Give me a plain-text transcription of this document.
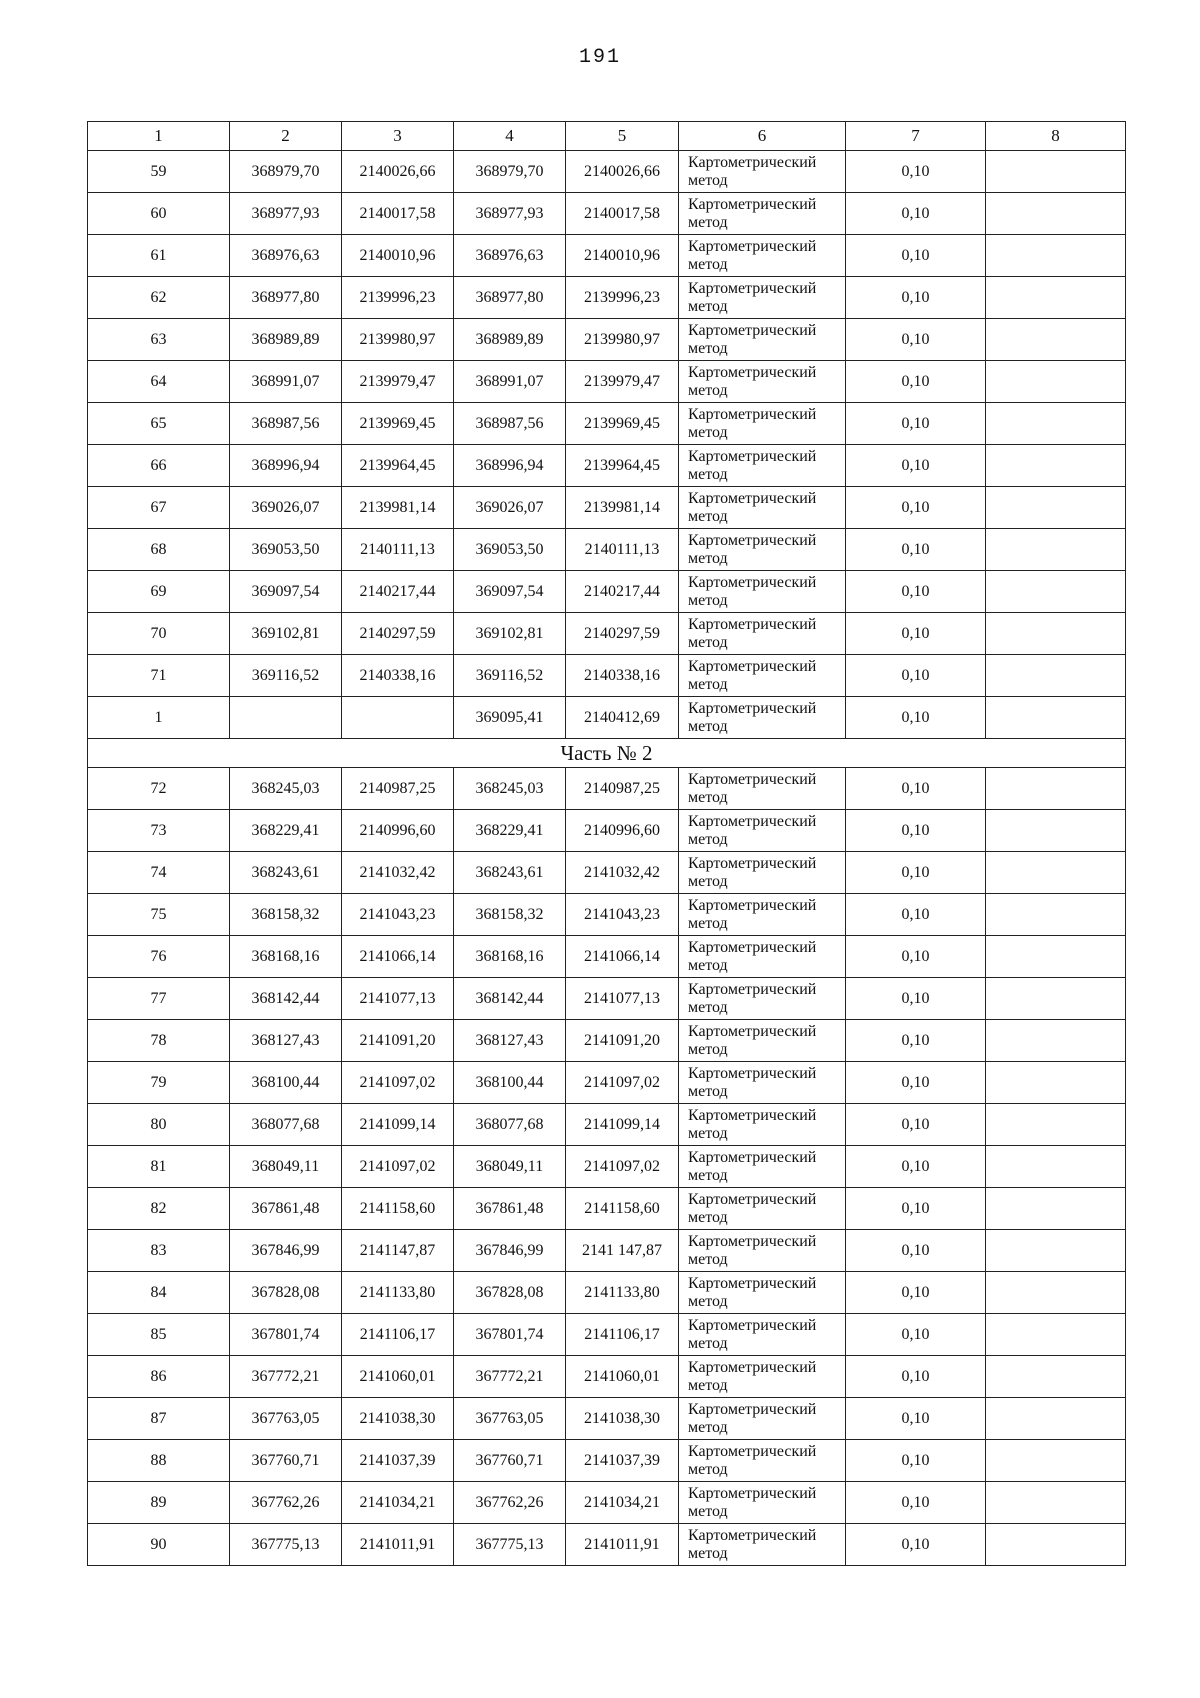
191
1	2	3	4	5	6	7	8
59	368979,70	2140026,66	368979,70	2140026,66	Картометрический
метод	0,10	
60	368977,93	2140017,58	368977,93	2140017,58	Картометрический
метод	0,10	
61	368976,63	2140010,96	368976,63	2140010,96	Картометрический
метод	0,10	
62	368977,80	2139996,23	368977,80	2139996,23	Картометрический
метод	0,10	
63	368989,89	2139980,97	368989,89	2139980,97	Картометрический
метод	0,10	
64	368991,07	2139979,47	368991,07	2139979,47	Картометрический
метод	0,10	
65	368987,56	2139969,45	368987,56	2139969,45	Картометрический
метод	0,10	
66	368996,94	2139964,45	368996,94	2139964,45	Картометрический
метод	0,10	
67	369026,07	2139981,14	369026,07	2139981,14	Картометрический
метод	0,10	
68	369053,50	2140111,13	369053,50	2140111,13	Картометрический
метод	0,10	
69	369097,54	2140217,44	369097,54	2140217,44	Картометрический
метод	0,10	
70	369102,81	2140297,59	369102,81	2140297,59	Картометрический
метод	0,10	
71	369116,52	2140338,16	369116,52	2140338,16	Картометрический
метод	0,10	
1			369095,41	2140412,69	Картометрический
метод	0,10	
Часть № 2							
72	368245,03	2140987,25	368245,03	2140987,25	Картометрический
метод	0,10	
73	368229,41	2140996,60	368229,41	2140996,60	Картометрический
метод	0,10	
74	368243,61	2141032,42	368243,61	2141032,42	Картометрический
метод	0,10	
75	368158,32	2141043,23	368158,32	2141043,23	Картометрический
метод	0,10	
76	368168,16	2141066,14	368168,16	2141066,14	Картометрический
метод	0,10	
77	368142,44	2141077,13	368142,44	2141077,13	Картометрический
метод	0,10	
78	368127,43	2141091,20	368127,43	2141091,20	Картометрический
метод	0,10	
79	368100,44	2141097,02	368100,44	2141097,02	Картометрический
метод	0,10	
80	368077,68	2141099,14	368077,68	2141099,14	Картометрический
метод	0,10	
81	368049,11	2141097,02	368049,11	2141097,02	Картометрический
метод	0,10	
82	367861,48	2141158,60	367861,48	2141158,60	Картометрический
метод	0,10	
83	367846,99	2141147,87	367846,99	2141 147,87	Картометрический
метод	0,10	
84	367828,08	2141133,80	367828,08	2141133,80	Картометрический
метод	0,10	
85	367801,74	2141106,17	367801,74	2141106,17	Картометрический
метод	0,10	
86	367772,21	2141060,01	367772,21	2141060,01	Картометрический
метод	0,10	
87	367763,05	2141038,30	367763,05	2141038,30	Картометрический
метод	0,10	
88	367760,71	2141037,39	367760,71	2141037,39	Картометрический
метод	0,10	
89	367762,26	2141034,21	367762,26	2141034,21	Картометрический
метод	0,10	
90	367775,13	2141011,91	367775,13	2141011,91	Картометрический
метод	0,10	
